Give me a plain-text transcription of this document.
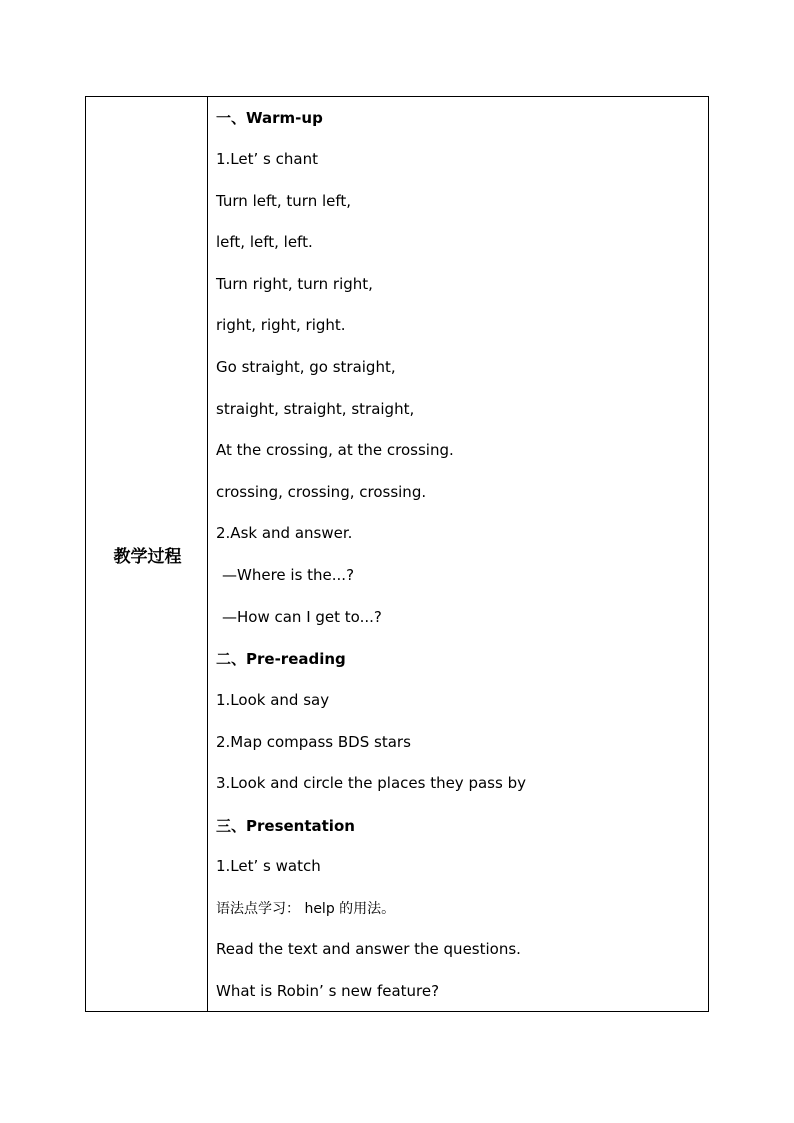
教学过程
一、Warm-up
1.Let’ s chant
Turn left, turn left,
left, left, left.
Turn right, turn right,
right, right, right.
Go straight, go straight,
straight, straight, straight,
At the crossing, at the crossing.
crossing, crossing, crossing.
2.Ask and answer.
—Where is the...?
—How can I get to...?
二、Pre-reading
1.Look and say
2.Map compass BDS stars
3.Look and circle the places they pass by
三、Presentation
1.Let’ s watch
语法点学习： help 的用法。
Read the text and answer the questions.
What is Robin’ s new feature?
